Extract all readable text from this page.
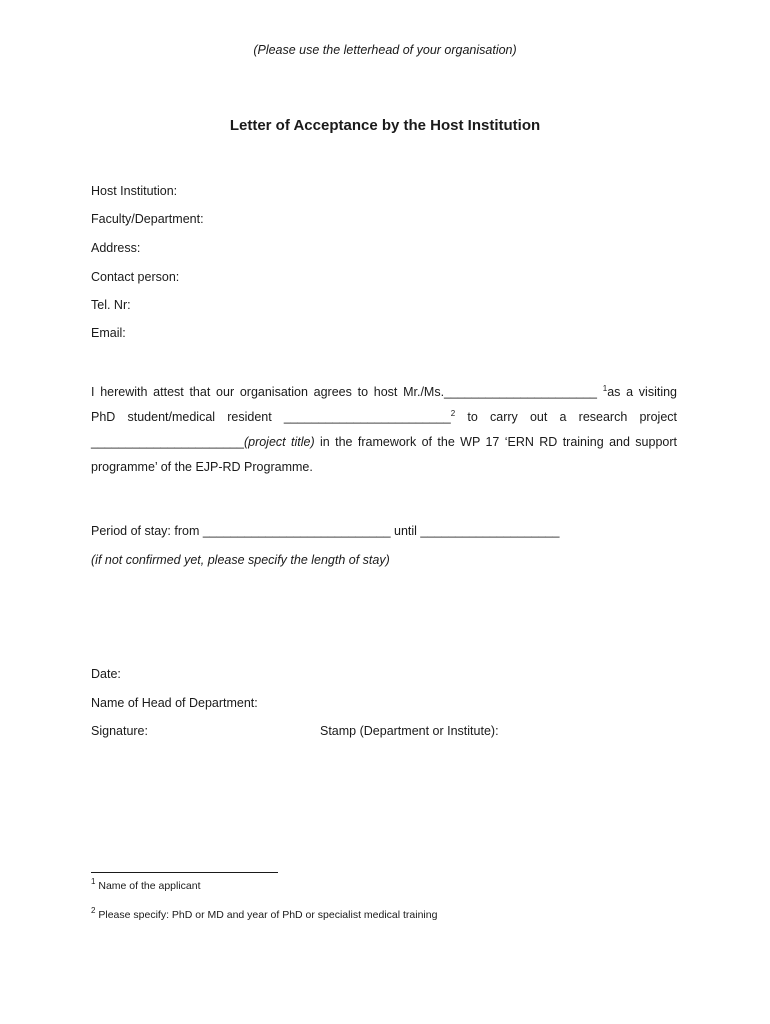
(Please use the letterhead of your organisation)
Letter of Acceptance by the Host Institution
Host Institution:
Faculty/Department:
Address:
Contact person:
Tel. Nr:
Email:
I herewith attest that our organisation agrees to host Mr./Ms.______________________ $^1$as a visiting
PhD student/medical resident ________________________$^2$ to carry out a research project
______________________(project title) in the framework of the WP 17 ‘ERN RD training and support
programme’ of the EJP-RD Programme.
Period of stay: from ___________________________ until ____________________
(if not confirmed yet, please specify the length of stay)
Date:
Name of Head of Department:
Signature:	Stamp (Department or Institute):
$^1$ Name of the applicant
$^2$ Please specify: PhD or MD and year of PhD or specialist medical training
